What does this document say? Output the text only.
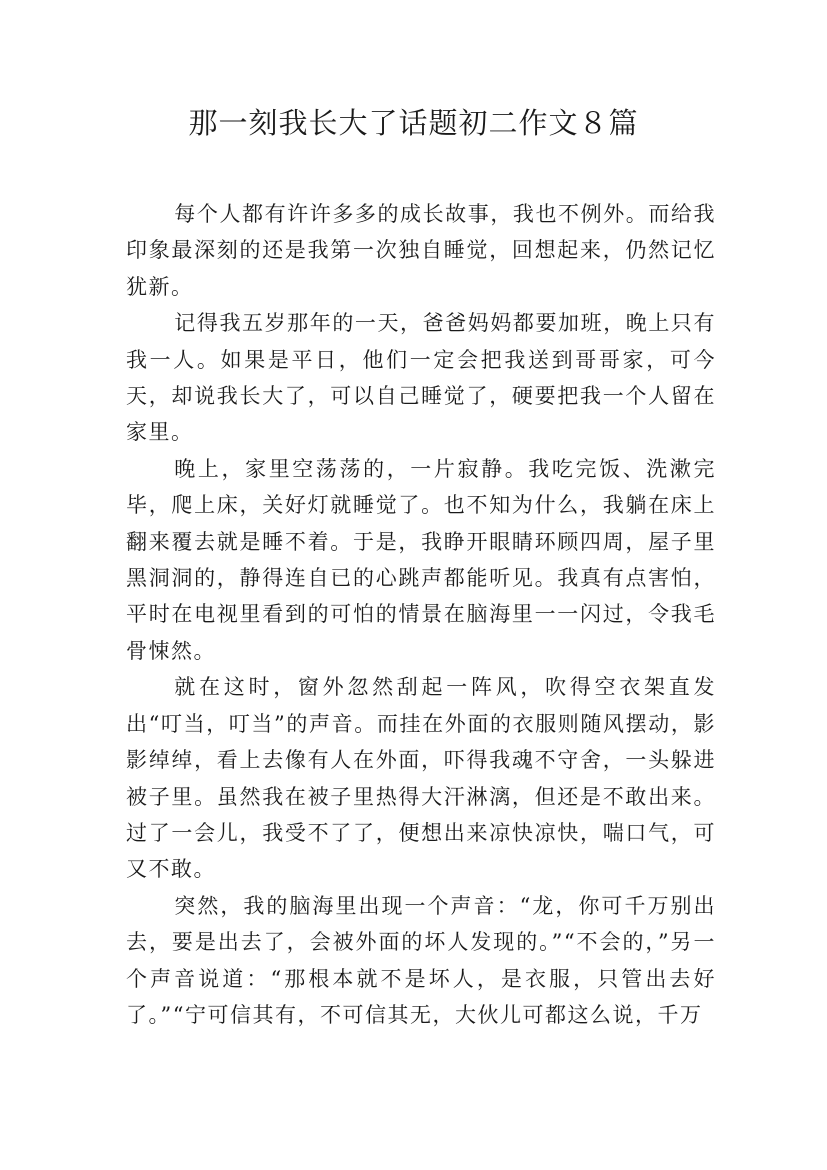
那一刻我长大了话题初二作文８篇

每个人都有许许多多的成长故事，我也不例外。而给我印象最深刻的还是我第一次独自睡觉，回想起来，仍然记忆犹新。

记得我五岁那年的一天，爸爸妈妈都要加班，晚上只有我一人。如果是平日，他们一定会把我送到哥哥家，可今天，却说我长大了，可以自己睡觉了，硬要把我一个人留在家里。

晚上，家里空荡荡的，一片寂静。我吃完饭、洗漱完毕，爬上床，关好灯就睡觉了。也不知为什么，我躺在床上翻来覆去就是睡不着。于是，我睁开眼睛环顾四周，屋子里黑洞洞的，静得连自已的心跳声都能听见。我真有点害怕，平时在电视里看到的可怕的情景在脑海里一一闪过，令我毛骨悚然。

就在这时，窗外忽然刮起一阵风，吹得空衣架直发出“叮当，叮当”的声音。而挂在外面的衣服则随风摆动，影影绰绰，看上去像有人在外面，吓得我魂不守舍，一头躲进被子里。虽然我在被子里热得大汗淋漓，但还是不敢出来。过了一会儿，我受不了了，便想出来凉快凉快，喘口气，可又不敢。

突然，我的脑海里出现一个声音：“龙，你可千万别出去，要是出去了，会被外面的坏人发现的。”“不会的，”另一个声音说道：“那根本就不是坏人，是衣服，只管出去好了。”“宁可信其有，不可信其无，大伙儿可都这么说，千万
